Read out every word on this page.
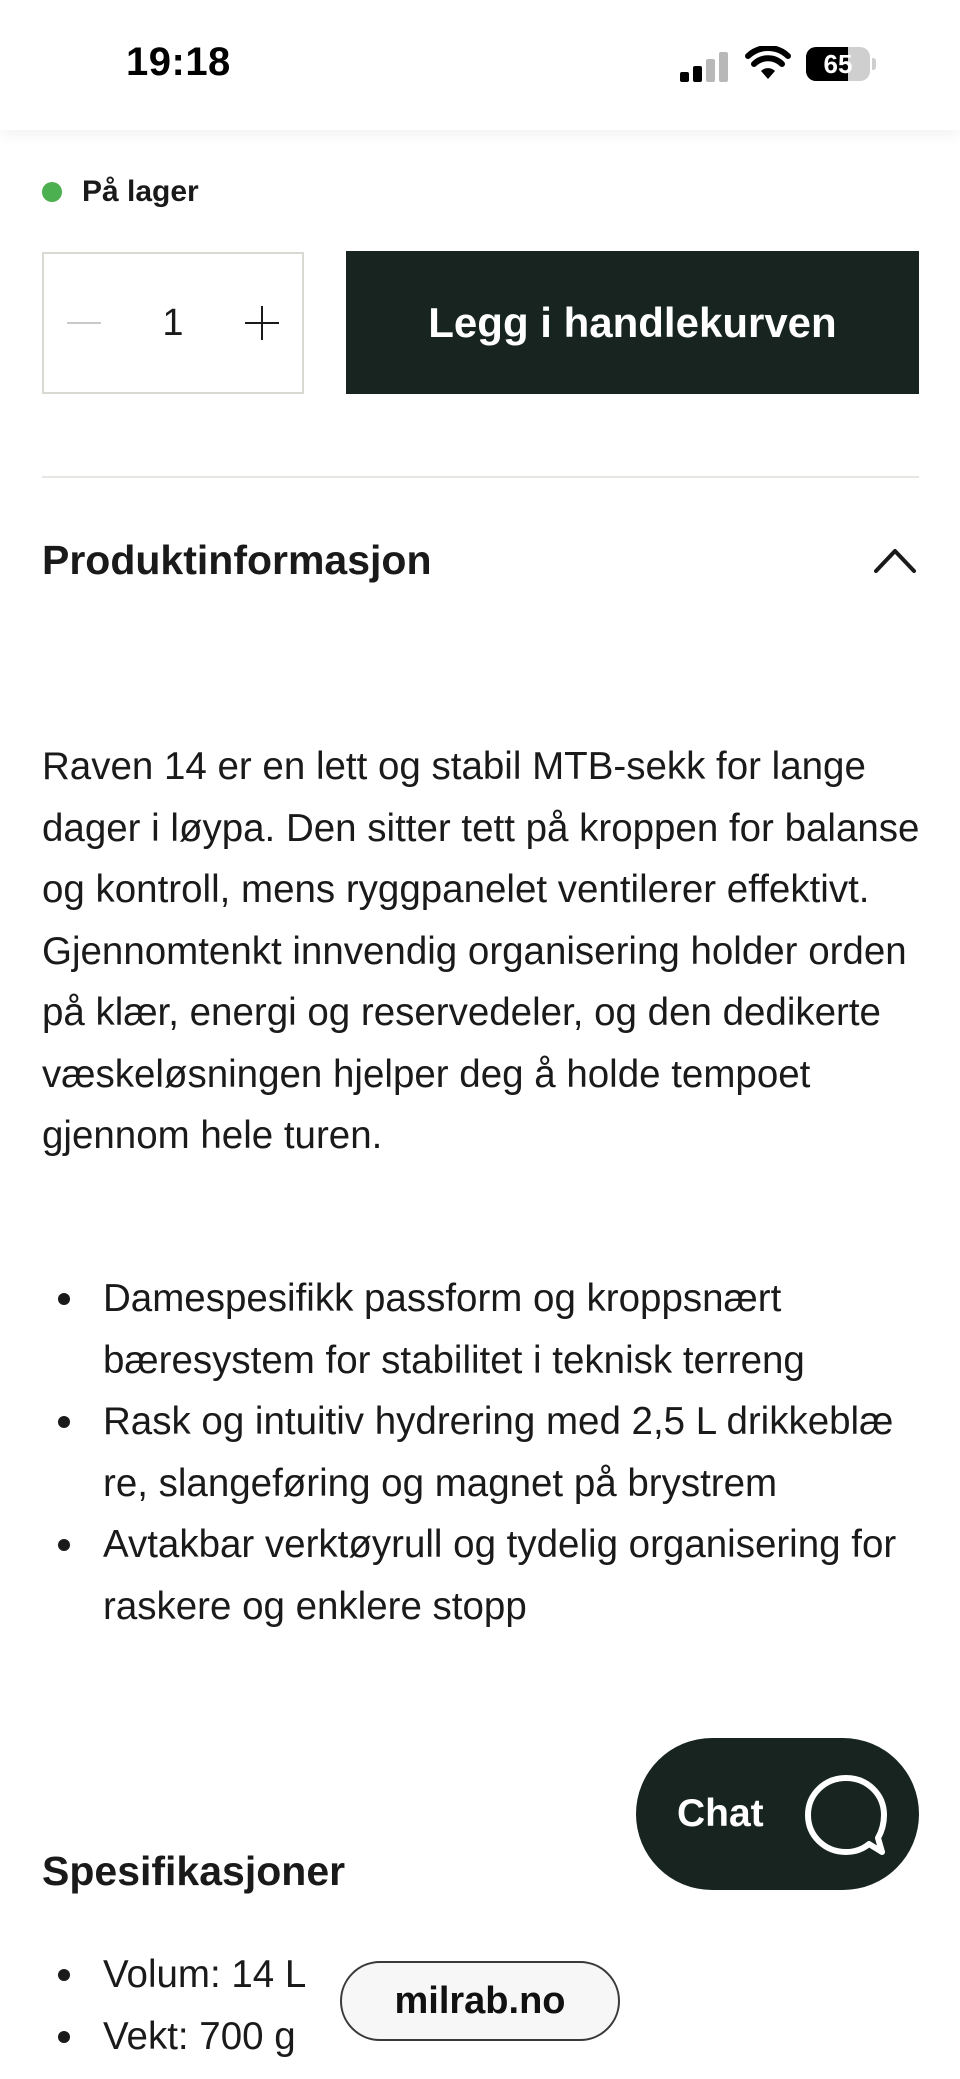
19:18	65
På lager
1	Legg i handlekurven
Produktinformasjon

Raven 14 er en lett og stabil MTB-sekk for lange dager i løypa. Den sitter tett på kroppen for balanse og kontroll, mens ryggpanelet ventilerer effektivt. Gjennomtenkt innvendig organisering holder orden på klær, energi og reservedeler, og den dedikerte væskeløsningen hjelper deg å holde tempoet gjennom hele turen.

Damespesifikk passform og kroppsnært bæresystem for stabilitet i teknisk terreng
Rask og intuitiv hydrering med 2,5 L drikkeblæ re, slangeføring og magnet på brystrem
Avtakbar verktøyrull og tydelig organisering for raskere og enklere stopp
Spesifikasjoner
Volum: 14 L
Vekt: 700 g
Chat
milrab.no
